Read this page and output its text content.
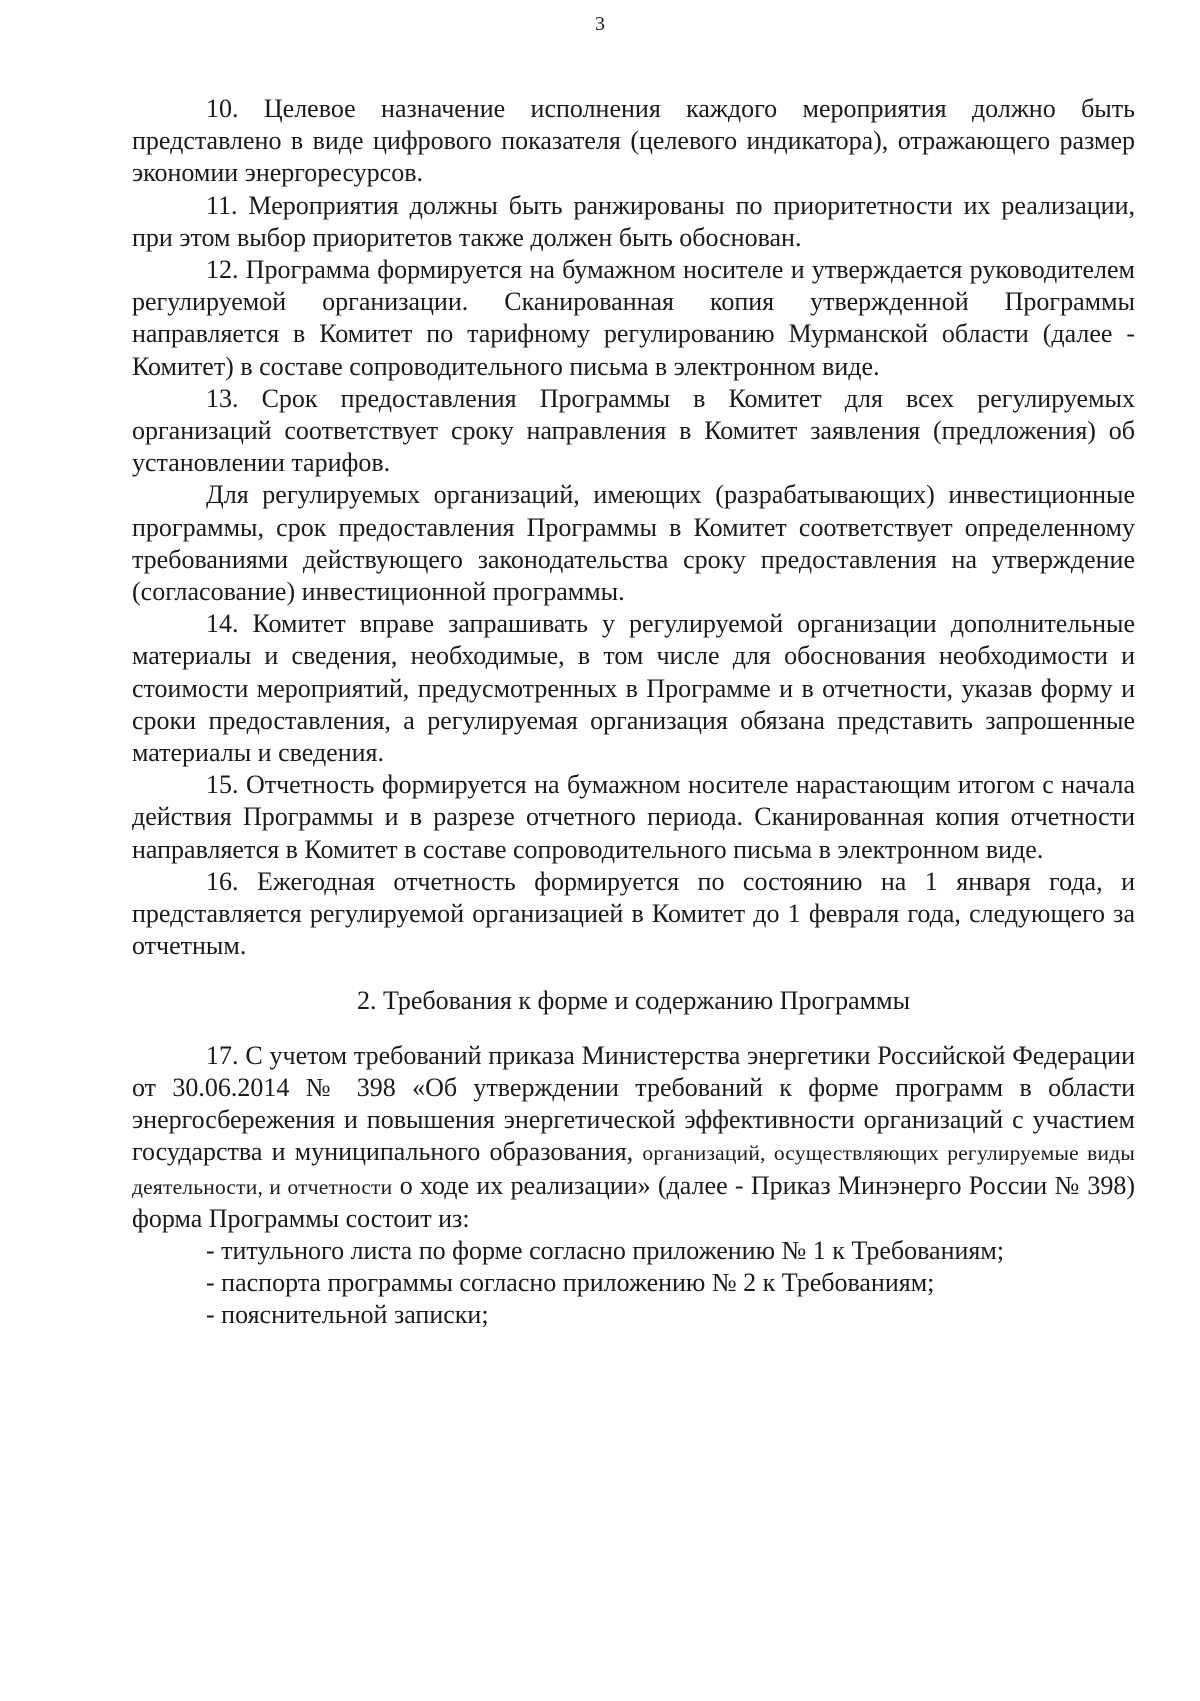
3

10. Целевое назначение исполнения каждого мероприятия должно быть представлено в виде цифрового показателя (целевого индикатора), отражающего размер экономии энергоресурсов.

11. Мероприятия должны быть ранжированы по приоритетности их реализации, при этом выбор приоритетов также должен быть обоснован.

12. Программа формируется на бумажном носителе и утверждается руководителем регулируемой организации. Сканированная копия утвержденной Программы направляется в Комитет по тарифному регулированию Мурманской области (далее - Комитет) в составе сопроводительного письма в электронном виде.

13. Срок предоставления Программы в Комитет для всех регулируемых организаций соответствует сроку направления в Комитет заявления (предложения) об установлении тарифов.

Для регулируемых организаций, имеющих (разрабатывающих) инвестиционные программы, срок предоставления Программы в Комитет соответствует определенному требованиями действующего законодательства сроку предоставления на утверждение (согласование) инвестиционной программы.

14. Комитет вправе запрашивать у регулируемой организации дополнительные материалы и сведения, необходимые, в том числе для обоснования необходимости и стоимости мероприятий, предусмотренных в Программе и в отчетности, указав форму и сроки предоставления, а регулируемая организация обязана представить запрошенные материалы и сведения.

15. Отчетность формируется на бумажном носителе нарастающим итогом с начала действия Программы и в разрезе отчетного периода. Сканированная копия отчетности направляется в Комитет в составе сопроводительного письма в электронном виде.

16. Ежегодная отчетность формируется по состоянию на 1 января года, и представляется регулируемой организацией в Комитет до 1 февраля года, следующего за отчетным.

2. Требования к форме и содержанию Программы

17. С учетом требований приказа Министерства энергетики Российской Федерации от 30.06.2014 № 398 «Об утверждении требований к форме программ в области энергосбережения и повышения энергетической эффективности организаций с участием государства и муниципального образования, организаций, осуществляющих регулируемые виды деятельности, и отчетности о ходе их реализации» (далее - Приказ Минэнерго России № 398) форма Программы состоит из:

- титульного листа по форме согласно приложению № 1 к Требованиям;
- паспорта программы согласно приложению № 2 к Требованиям;
- пояснительной записки;
